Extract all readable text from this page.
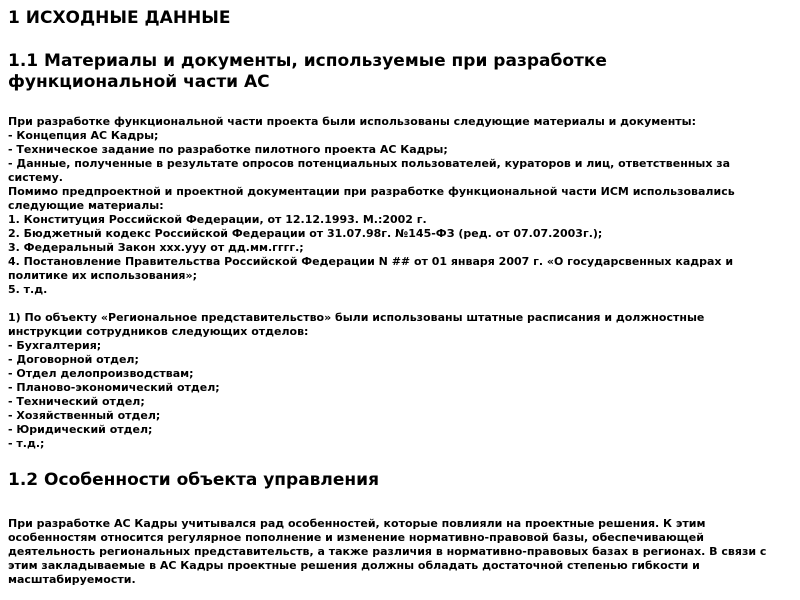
1 ИСХОДНЫЕ ДАННЫЕ
1.1 Материалы и документы, используемые при разработке функциональной части АС

При разработке функциональной части проекта были использованы следующие материалы и документы:

- Концепция АС Кадры;
- Техническое задание по разработке пилотного проекта АС Кадры;
- Данные, полученные в результате опросов потенциальных пользователей, кураторов и лиц, ответственных за систему.

Помимо предпроектной и проектной документации при разработке функциональной части ИСМ использовались следующие материалы:

1. Конституция Российской Федерации, от 12.12.1993. М.:2002 г.
2. Бюджетный кодекс Российской Федерации от 31.07.98г. №145-ФЗ (ред. от 07.07.2003г.);
3. Федеральный Закон xxx.yyy от дд.мм.гггг.;
4. Постановление Правительства Российской Федерации N ## от 01 января 2007 г. «О государсвенных кадрах и политике их использования»;
5. т.д.

1) По объекту «Региональное представительство» были использованы штатные расписания и должностные инструкции сотрудников следующих отделов:

- Бухгалтерия;
- Договорной отдел;
- Отдел делопроизводствам;
- Планово-экономический отдел;
- Технический отдел;
- Хозяйственный отдел;
- Юридический отдел;
- т.д.;
1.2 Особенности объекта управления

При разработке АС Кадры учитывался рад особенностей, которые повлияли на проектные решения. К этим особенностям относится регулярное пополнение и изменение нормативно-правовой базы, обеспечивающей деятельность региональных представительств, а также различия в нормативно-правовых базах в регионах. В связи с этим закладываемые в АС Кадры проектные решения должны обладать достаточной степенью гибкости и масштабируемости.
